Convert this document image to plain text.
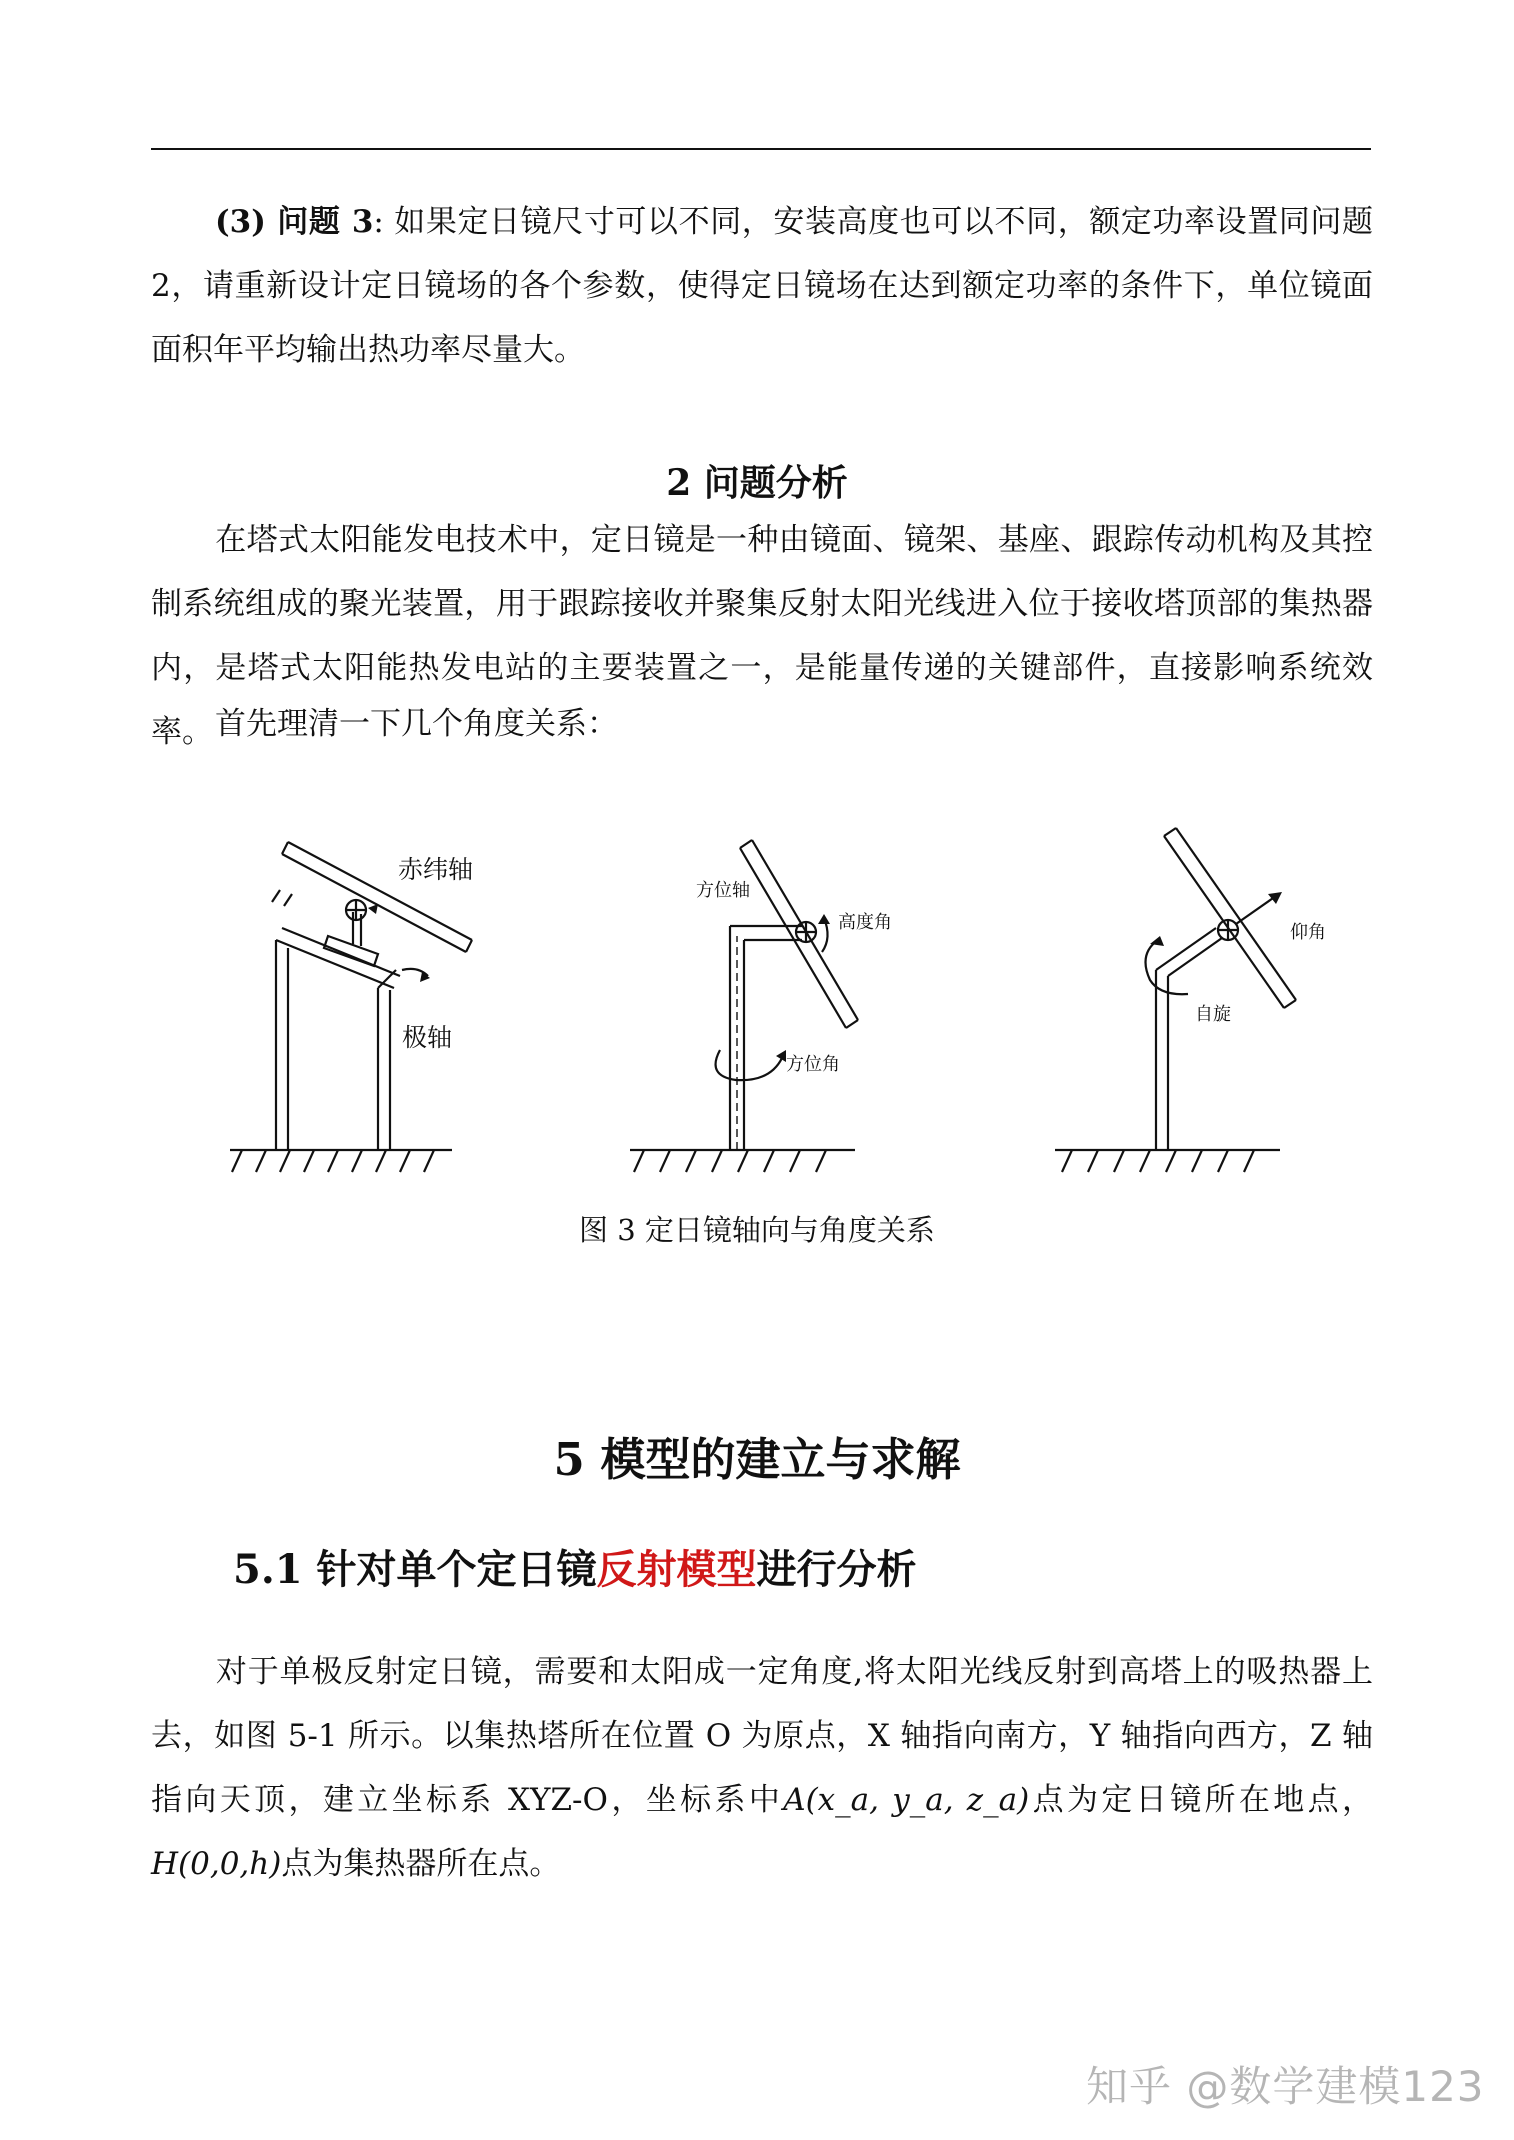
(3) 问题 3: 如果定日镜尺寸可以不同，安装高度也可以不同，额定功率设置同问题 2，请重新设计定日镜场的各个参数，使得定日镜场在达到额定功率的条件下，单位镜面面积年平均输出热功率尽量大。

2 问题分析

在塔式太阳能发电技术中，定日镜是一种由镜面、镜架、基座、跟踪传动机构及其控制系统组成的聚光装置，用于跟踪接收并聚集反射太阳光线进入位于接收塔顶部的集热器内，是塔式太阳能热发电站的主要装置之一，是能量传递的关键部件，直接影响系统效率。 首先理清一下几个角度关系：

赤纬轴
极轴
方位轴
高度角
方位角
仰角
自旋
图 3 定日镜轴向与角度关系
5 模型的建立与求解
5.1 针对单个定日镜反射模型进行分析

对于单极反射定日镜，需要和太阳成一定角度,将太阳光线反射到高塔上的吸热器上去，如图 5-1 所示。以集热塔所在位置 O 为原点，X 轴指向南方，Y 轴指向西方，Z 轴指向天顶，建立坐标系 XYZ-O，坐标系中A(x_a, y_a, z_a)点为定日镜所在地点，H(0,0,h)点为集热器所在点。

知乎 @数学建模123
